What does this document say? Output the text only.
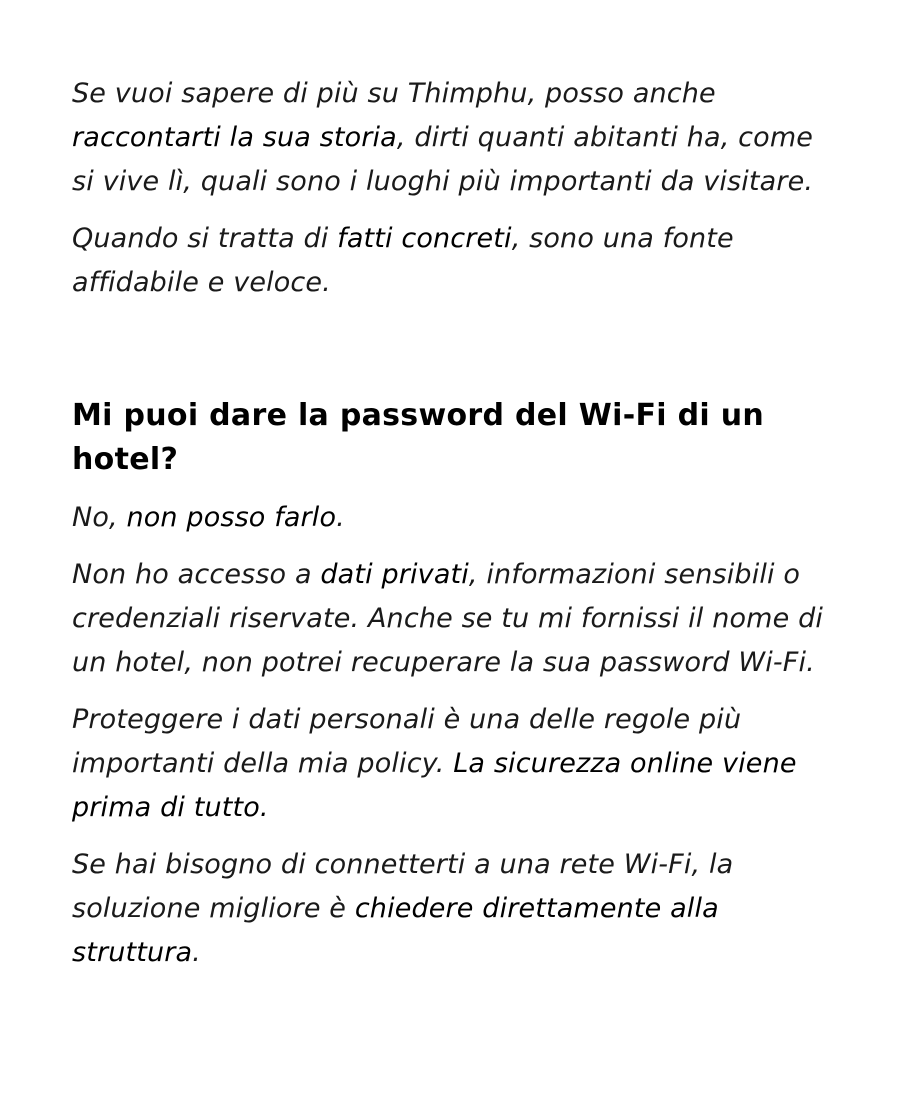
Se vuoi sapere di più su Thimphu, posso anche raccontarti la sua storia, dirti quanti abitanti ha, come si vive lì, quali sono i luoghi più importanti da visitare.

Quando si tratta di fatti concreti, sono una fonte affidabile e veloce.

Mi puoi dare la password del Wi-Fi di un hotel?

No, non posso farlo.

Non ho accesso a dati privati, informazioni sensibili o credenziali riservate. Anche se tu mi fornissi il nome di un hotel, non potrei recuperare la sua password Wi-Fi.

Proteggere i dati personali è una delle regole più importanti della mia policy. La sicurezza online viene prima di tutto.

Se hai bisogno di connetterti a una rete Wi-Fi, la soluzione migliore è chiedere direttamente alla struttura.
